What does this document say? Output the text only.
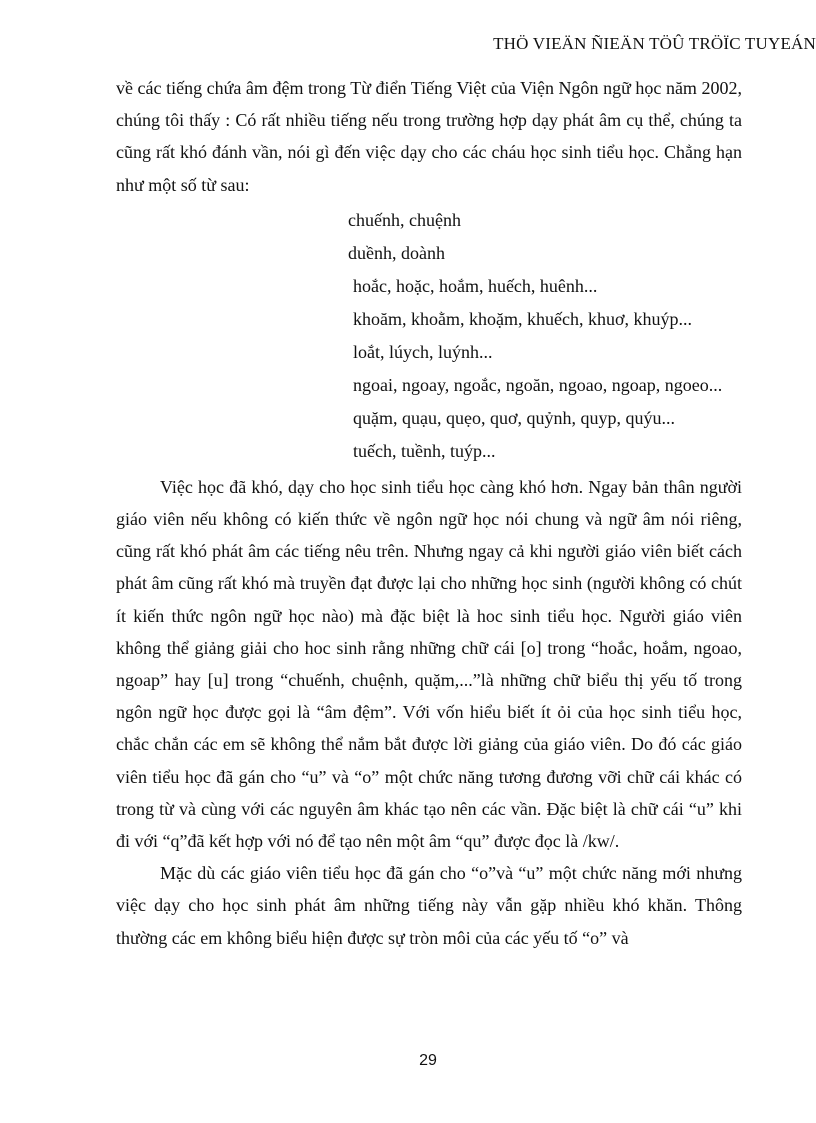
THÖ VIEÄN ÑIEÄN TÖÛ TRÖÏC TUYEÁN

về các tiếng chứa âm đệm trong Từ điển Tiếng Việt của Viện Ngôn ngữ học năm 2002, chúng tôi thấy : Có rất nhiều tiếng nếu trong trường hợp dạy phát âm cụ thể, chúng ta cũng rất khó đánh vần, nói gì đến việc dạy cho các cháu học sinh tiểu học. Chẳng hạn như một số từ sau:

chuếnh, chuệnh
duềnh, doành
hoắc, hoặc, hoắm, huếch, huênh...
khoăm, khoằm, khoặm, khuếch, khuơ, khuýp...
loắt, lúych, luýnh...
ngoai, ngoay, ngoắc, ngoăn, ngoao, ngoap, ngoeo...
quặm, quạu, quẹo, quơ, quỷnh, quyp, quýu...
tuếch, tuềnh, tuýp...

Việc học đã khó, dạy cho học sinh tiểu học càng khó hơn. Ngay bản thân người giáo viên nếu không có kiến thức về ngôn ngữ học nói chung và ngữ âm nói riêng, cũng rất khó phát âm các tiếng nêu trên. Nhưng ngay cả khi người giáo viên biết cách phát âm cũng rất khó mà truyền đạt được lại cho những học sinh (người không có chút ít kiến thức ngôn ngữ học nào) mà đặc biệt là hoc sinh tiểu học. Người giáo viên không thể giảng giải cho hoc sinh rằng những chữ cái [o] trong “hoắc, hoắm, ngoao, ngoap” hay [u] trong “chuếnh, chuệnh, quặm,...”là những chữ biểu thị yếu tố trong ngôn ngữ học được gọi là “âm đệm”. Với vốn hiểu biết ít ỏi của học sinh tiểu học, chắc chắn các em sẽ không thể nắm bắt được lời giảng của giáo viên. Do đó các giáo viên tiểu học đã gán cho “u” và “o” một chức năng tương đương vỡi chữ cái khác có trong từ và cùng với các nguyên âm khác tạo nên các vần. Đặc biệt là chữ cái “u” khi đi với “q”đã kết hợp với nó để tạo nên một âm “qu” được đọc là /kw/.

Mặc dù các giáo viên tiểu học đã gán cho “o”và “u” một chức năng mới nhưng việc dạy cho học sinh phát âm những tiếng này vẫn gặp nhiều khó khăn. Thông thường các em không biểu hiện được sự tròn môi của các yếu tố “o” và

29
